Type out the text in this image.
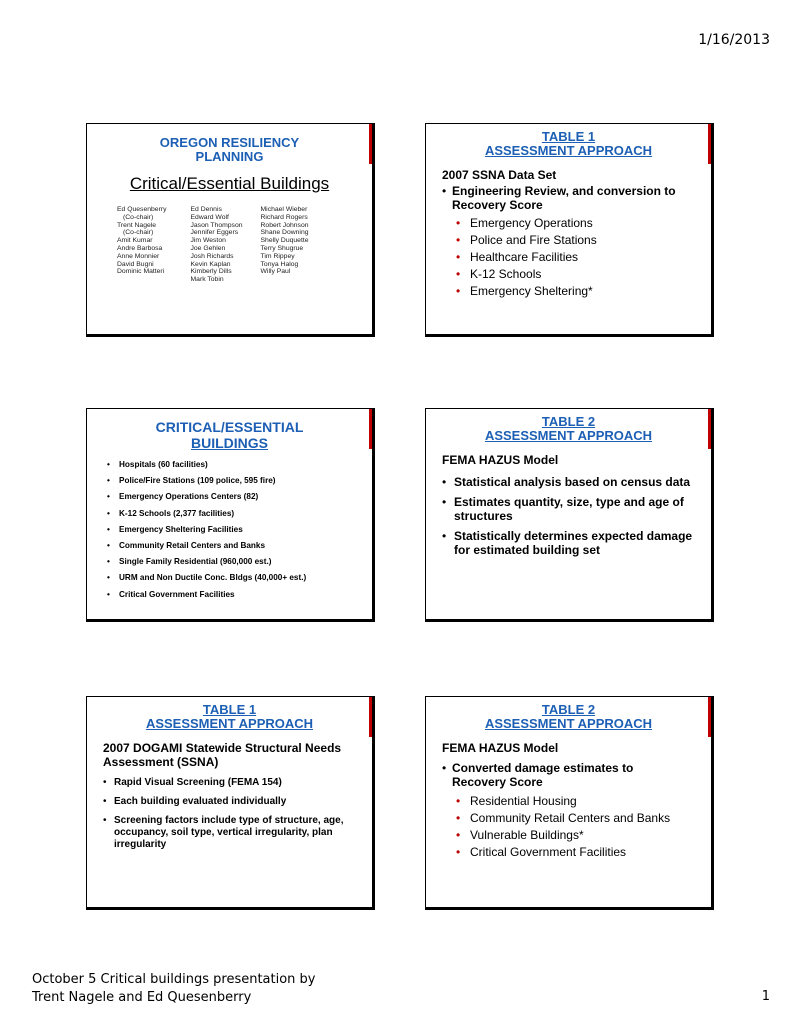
1/16/2013
OREGON RESILIENCY
PLANNING
Critical/Essential Buildings
Ed Quesenberry
(Co-chair)
Trent Nagele
(Co-chair)
Amit Kumar
Andre Barbosa
Anne Monnier
David Bugni
Dominic Matteri
Ed Dennis
Edward Wolf
Jason Thompson
Jennifer Eggers
Jim Weston
Joe Gehlen
Josh Richards
Kevin Kaplan
Kimberly Dills
Mark Tobin
Michael Wieber
Richard Rogers
Robert Johnson
Shane Downing
Shelly Duquette
Terry Shugrue
Tim Rippey
Tonya Halog
Willy Paul
TABLE 1
ASSESSMENT APPROACH
2007 SSNA Data Set
• Engineering Review, and conversion to Recovery Score
• Emergency Operations
• Police and Fire Stations
• Healthcare Facilities
• K-12 Schools
• Emergency Sheltering*
CRITICAL/ESSENTIAL
BUILDINGS
• Hospitals (60 facilities)
• Police/Fire Stations (109 police, 595 fire)
• Emergency Operations Centers (82)
• K-12 Schools (2,377 facilities)
• Emergency Sheltering Facilities
• Community Retail Centers and Banks
• Single Family Residential (960,000 est.)
• URM and Non Ductile Conc. Bldgs (40,000+ est.)
• Critical Government Facilities
TABLE 2
ASSESSMENT APPROACH
FEMA HAZUS Model
• Statistical analysis based on census data
• Estimates quantity, size, type and age of structures
• Statistically determines expected damage for estimated building set
TABLE 1
ASSESSMENT APPROACH
2007 DOGAMI Statewide Structural Needs Assessment (SSNA)
• Rapid Visual Screening (FEMA 154)
• Each building evaluated individually
• Screening factors include type of structure, age, occupancy, soil type, vertical irregularity, plan irregularity
TABLE 2
ASSESSMENT APPROACH
FEMA HAZUS Model
• Converted damage estimates to Recovery Score
• Residential Housing
• Community Retail Centers and Banks
• Vulnerable Buildings*
• Critical Government Facilities
October 5 Critical buildings presentation by
Trent Nagele and Ed Quesenberry	1
